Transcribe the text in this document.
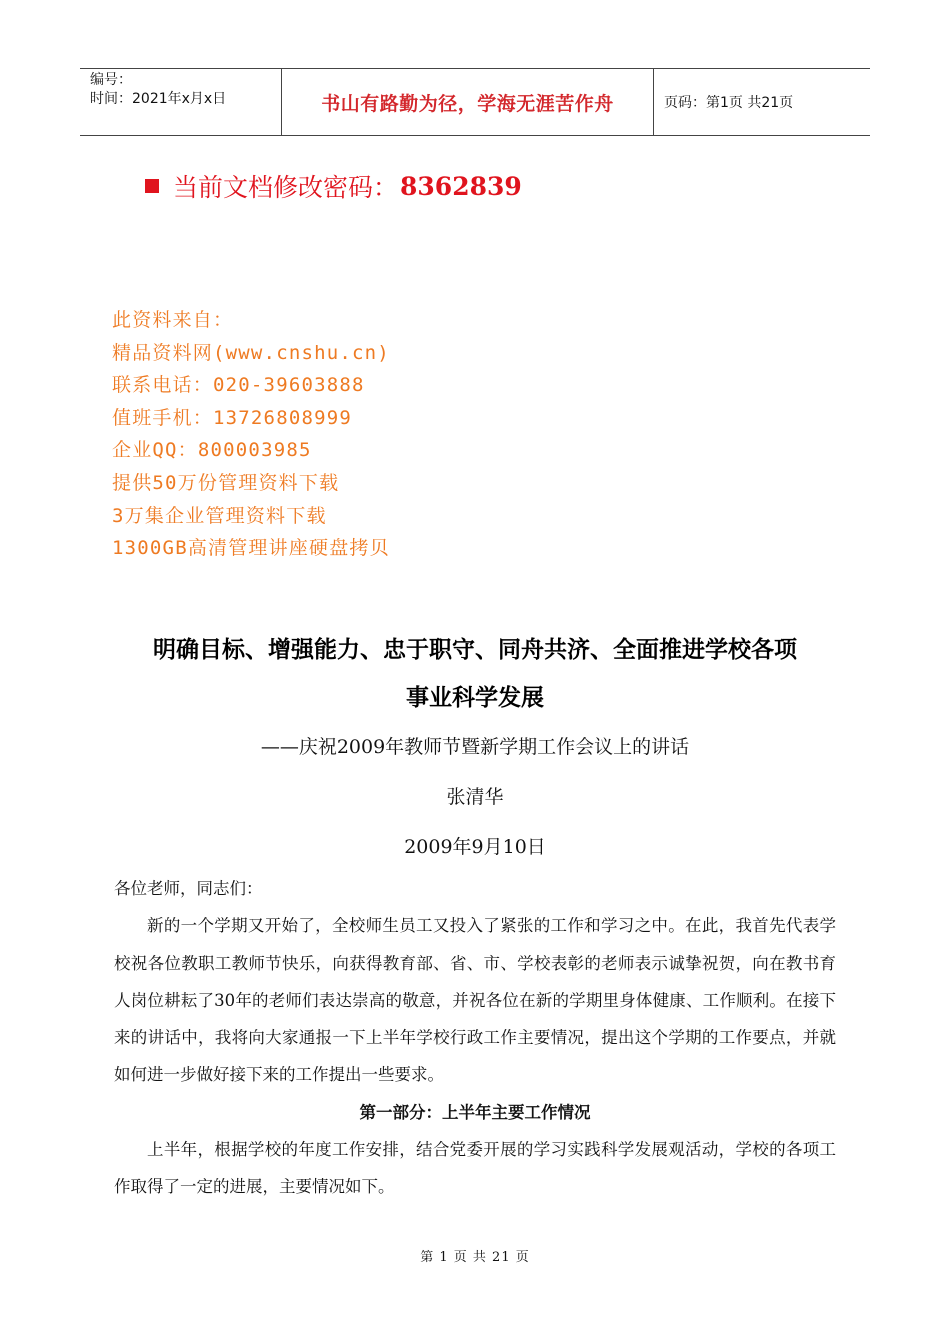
编号：
时间：2021年x月x日	书山有路勤为径，学海无涯苦作舟	页码：第1页 共21页
当前文档修改密码： 8362839
此资料来自：
精品资料网(www.cnshu.cn)
联系电话：020-39603888
值班手机：13726808999
企业QQ：800003985
提供50万份管理资料下载
3万集企业管理资料下载
1300GB高清管理讲座硬盘拷贝
明确目标、增强能力、忠于职守、同舟共济、全面推进学校各项
事业科学发展
——庆祝2009年教师节暨新学期工作会议上的讲话
张清华
2009年9月10日

各位老师，同志们：

新的一个学期又开始了，全校师生员工又投入了紧张的工作和学习之中。在此，我首先代表学校祝各位教职工教师节快乐，向获得教育部、省、市、学校表彰的老师表示诚挚祝贺，向在教书育人岗位耕耘了30年的老师们表达崇高的敬意，并祝各位在新的学期里身体健康、工作顺利。在接下来的讲话中，我将向大家通报一下上半年学校行政工作主要情况，提出这个学期的工作要点，并就如何进一步做好接下来的工作提出一些要求。

第一部分：上半年主要工作情况

上半年，根据学校的年度工作安排，结合党委开展的学习实践科学发展观活动，学校的各项工作取得了一定的进展，主要情况如下。

第 1 页 共 21 页
